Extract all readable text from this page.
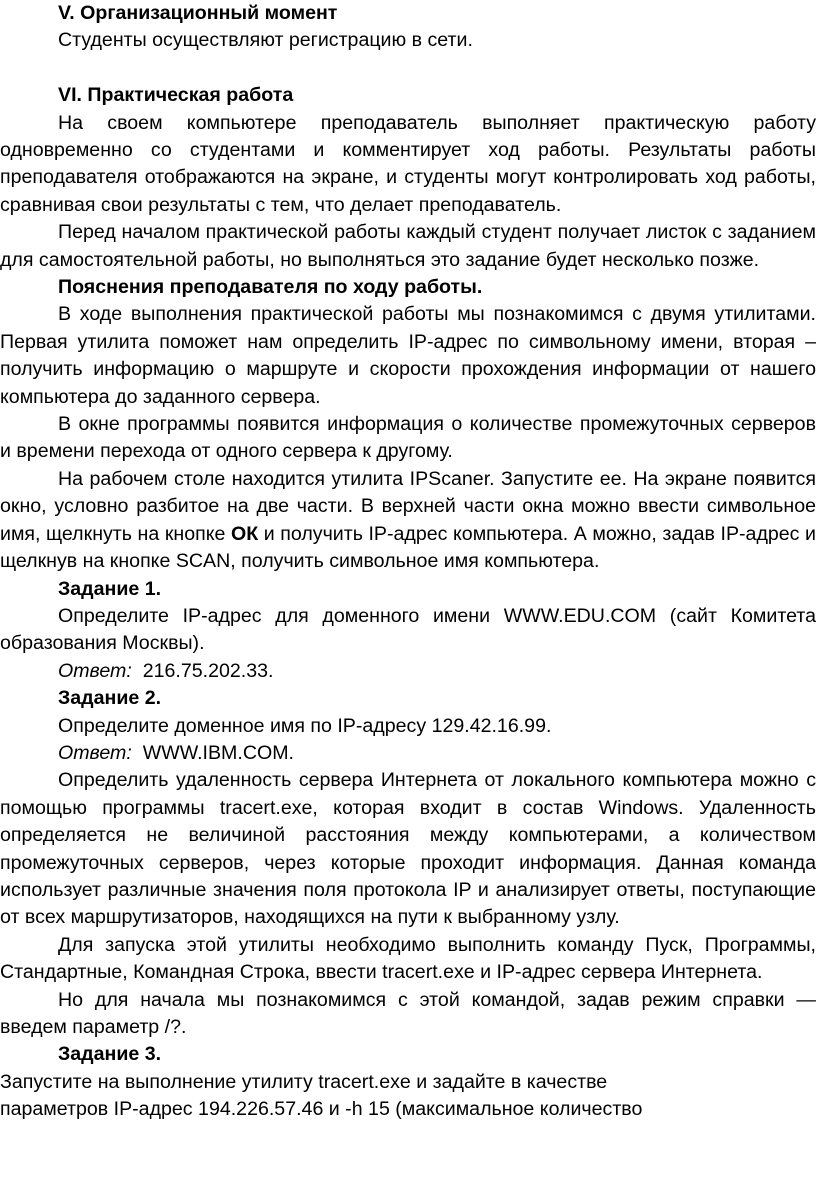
V. Организационный момент
Студенты осуществляют регистрацию в сети.
VI. Практическая работа

На своем компьютере преподаватель выполняет практическую работу одновременно со студентами и комментирует ход работы. Результаты работы преподавателя отображаются на экране, и студенты могут контролировать ход работы, сравнивая свои результаты с тем, что делает преподаватель.

Перед началом практической работы каждый студент получает листок с заданием для самостоятельной работы, но выполняться это задание будет несколько позже.

Пояснения преподавателя по ходу работы.

В ходе выполнения практической работы мы познакомимся с двумя утилитами. Первая утилита поможет нам определить IP-адрес по символьному имени, вторая – получить информацию о маршруте и скорости прохождения информации от нашего компьютера до заданного сервера.

В окне программы появится информация о количестве промежуточных серверов и времени перехода от одного сервера к другому.

На рабочем столе находится утилита IPScaner. Запустите ее. На экране появится окно, условно разбитое на две части. В верхней части окна можно ввести символьное имя, щелкнуть на кнопке ОК и получить IP-адрес компьютера. А можно, задав IP-адрес и щелкнув на кнопке SCAN, получить символьное имя компьютера.

Задание 1.

Определите IP-адрес для доменного имени WWW.EDU.COM (сайт Комитета образования Москвы).

Ответ: 216.75.202.33.
Задание 2.

Определите доменное имя по IP-адресу 129.42.16.99.

Ответ: WWW.IBM.COM.

Определить удаленность сервера Интернета от локального компьютера можно с помощью программы tracert.exe, которая входит в состав Windows. Удаленность определяется не величиной расстояния между компьютерами, а количеством промежуточных серверов, через которые проходит информация. Данная команда использует различные значения поля протокола IP и анализирует ответы, поступающие от всех маршрутизаторов, находящихся на пути к выбранному узлу.

Для запуска этой утилиты необходимо выполнить команду Пуск, Программы, Стандартные, Командная Строка, ввести tracert.exe и IP-адрес сервера Интернета.

Но для начала мы познакомимся с этой командой, задав режим справки — введем параметр /?.

Задание 3.
Запустите на выполнение утилиту tracert.exe и задайте в качестве
параметров IP-адрес 194.226.57.46 и -h 15 (максимальное количество
